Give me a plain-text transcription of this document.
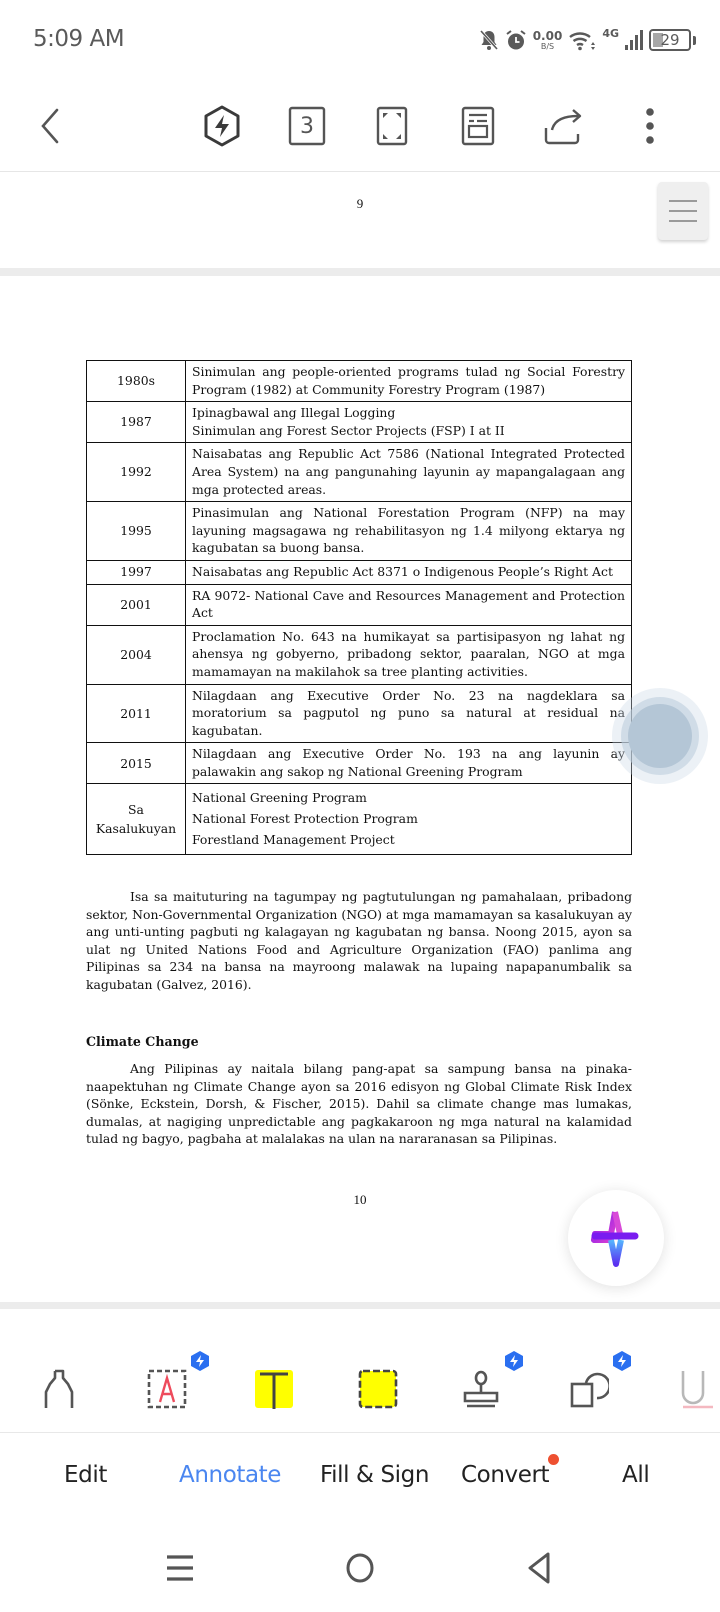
5:09 AM	0.00
B/S
4G	29
3
9
1980s	Sinimulan ang people-oriented programs tulad ng Social Forestry Program (1982) at Community Forestry Program (1987)

1987	Ipinagbawal ang Illegal Logging
Sinimulan ang Forest Sector Projects (FSP) I at II

1992	Naisabatas ang Republic Act 7586 (National Integrated Protected Area System) na ang pangunahing layunin ay mapangalagaan ang mga protected areas.

1995	Pinasimulan ang National Forestation Program (NFP) na may layuning magsagawa ng rehabilitasyon ng 1.4 milyong ektarya ng kagubatan sa buong bansa.

1997	Naisabatas ang Republic Act 8371 o Indigenous People’s Right Act

2001	RA 9072- National Cave and Resources Management and Protection Act

2004	Proclamation No. 643 na humikayat sa partisipasyon ng lahat ng ahensya ng gobyerno, pribadong sektor, paaralan, NGO at mga mamamayan na makilahok sa tree planting activities.

2011	Nilagdaan ang Executive Order No. 23 na nagdeklara sa moratorium sa pagputol ng puno sa natural at residual na kagubatan.

2015	Nilagdaan ang Executive Order No. 193 na ang layunin ay palawakin ang sakop ng National Greening Program

Sa Kasalukuyan	National Greening Program
National Forest Protection Program
Forestland Management Project
Isa sa maituturing na tagumpay ng pagtutulungan ng pamahalaan, pribadong sektor, Non-Governmental Organization (NGO) at mga mamamayan sa kasalukuyan ay ang unti-unting pagbuti ng kalagayan ng kagubatan ng bansa. Noong 2015, ayon sa ulat ng United Nations Food and Agriculture Organization (FAO) panlima ang Pilipinas sa 234 na bansa na mayroong malawak na lupaing napapanumbalik sa kagubatan (Galvez, 2016).
Climate Change
Ang Pilipinas ay naitala bilang pang-apat sa sampung bansa na pinaka-naapektuhan ng Climate Change ayon sa 2016 edisyon ng Global Climate Risk Index (Sönke, Eckstein, Dorsh, & Fischer, 2015). Dahil sa climate change mas lumakas, dumalas, at nagiging unpredictable ang pagkakaroon ng mga natural na kalamidad tulad ng bagyo, pagbaha at malalakas na ulan na nararanasan sa Pilipinas.
10
Edit	Annotate Fill & Sign Convert	All
